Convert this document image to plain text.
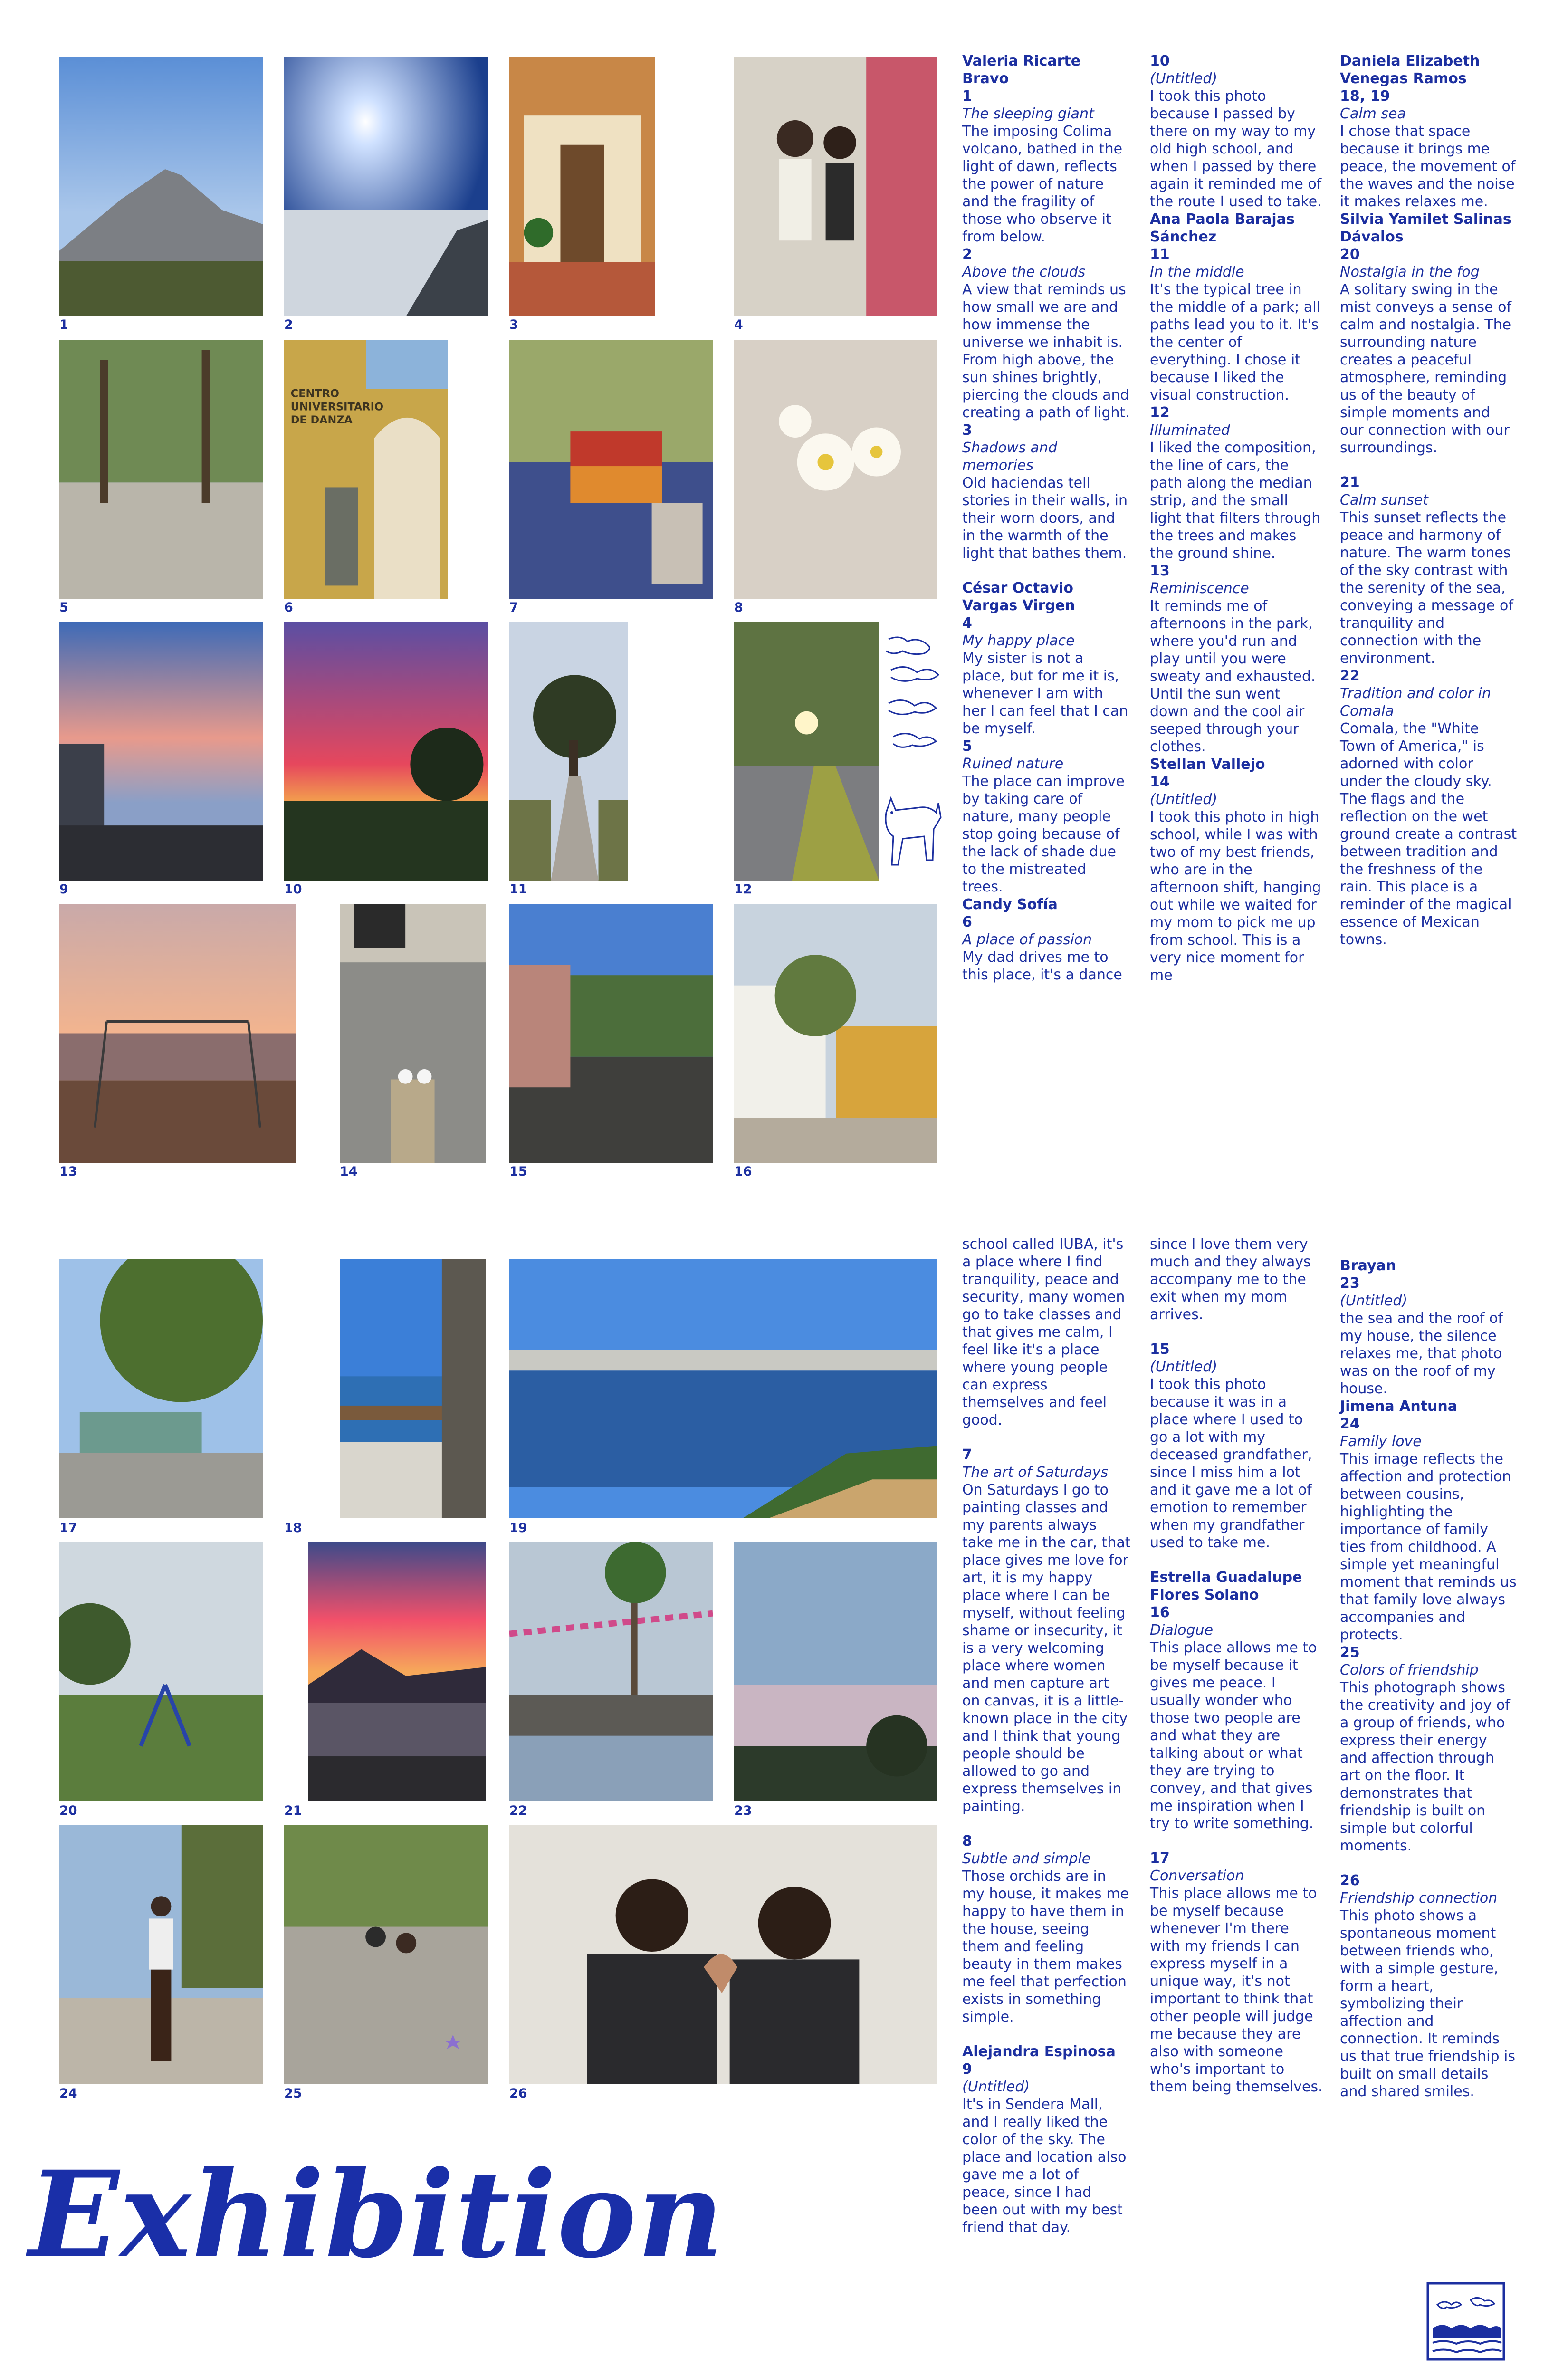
1	2	3	4
5
CENTRO
UNIVERSITARIO
DE DANZA
6	7	8
9	10	11	12
13	14	15	16
17	18	19
20	21	22	23
24	25	26

Valeria Ricarte Bravo

1

The sleeping giant

The imposing Colima volcano, bathed in the light of dawn, reflects the power of nature and the fragility of those who observe it from below.

2

Above the clouds

A view that reminds us how small we are and how immense the universe we inhabit is. From high above, the sun shines brightly, piercing the clouds and creating a path of light.

3

Shadows and memories

Old haciendas tell stories in their walls, in their worn doors, and in the warmth of the light that bathes them.

César Octavio Vargas Virgen

4

My happy place

My sister is not a place, but for me it is, whenever I am with her I can feel that I can be myself.

5

Ruined nature

The place can improve by taking care of nature, many people stop going because of the lack of shade due to the mistreated trees.

Candy Sofía

6

A place of passion

My dad drives me to this place, it's a dance

10

(Untitled)

I took this photo because I passed by there on my way to my old high school, and when I passed by there again it reminded me of the route I used to take.

Ana Paola Barajas Sánchez

11

In the middle

It's the typical tree in the middle of a park; all paths lead you to it. It's the center of everything. I chose it because I liked the visual construction.

12

Illuminated

I liked the composition, the line of cars, the path along the median strip, and the small light that filters through the trees and makes the ground shine.

13

Reminiscence

It reminds me of afternoons in the park, where you'd run and play until you were sweaty and exhausted. Until the sun went down and the cool air seeped through your clothes.

Stellan Vallejo

14

(Untitled)

I took this photo in high school, while I was with two of my best friends, who are in the afternoon shift, hanging out while we waited for my mom to pick me up from school. This is a very nice moment for me

Daniela Elizabeth Venegas Ramos

18, 19

Calm sea

I chose that space because it brings me peace, the movement of the waves and the noise it makes relaxes me.

Silvia Yamilet Salinas Dávalos

20

Nostalgia in the fog

A solitary swing in the mist conveys a sense of calm and nostalgia. The surrounding nature creates a peaceful atmosphere, reminding us of the beauty of simple moments and our connection with our surroundings.

21

Calm sunset

This sunset reflects the peace and harmony of nature. The warm tones of the sky contrast with the serenity of the sea, conveying a message of tranquility and connection with the environment.

22

Tradition and color in Comala

Comala, the "White Town of America," is adorned with color under the cloudy sky. The flags and the reflection on the wet ground create a contrast between tradition and the freshness of the rain. This place is a reminder of the magical essence of Mexican towns.

school called IUBA, it's a place where I find tranquility, peace and security, many women go to take classes and that gives me calm, I feel like it's a place where young people can express themselves and feel good.

7

The art of Saturdays

On Saturdays I go to painting classes and my parents always take me in the car, that place gives me love for art, it is my happy place where I can be myself, without feeling shame or insecurity, it is a very welcoming place where women and men capture art on canvas, it is a little-known place in the city and I think that young people should be allowed to go and express themselves in painting.

8

Subtle and simple

Those orchids are in my house, it makes me happy to have them in the house, seeing them and feeling beauty in them makes me feel that perfection exists in something simple.

Alejandra Espinosa

9

(Untitled)

It's in Sendera Mall, and I really liked the color of the sky. The place and location also gave me a lot of peace, since I had been out with my best friend that day.

since I love them very much and they always accompany me to the exit when my mom arrives.

15

(Untitled)

I took this photo because it was in a place where I used to go a lot with my deceased grandfather, since I miss him a lot and it gave me a lot of emotion to remember when my grandfather used to take me.

Estrella Guadalupe Flores Solano

16

Dialogue

This place allows me to be myself because it gives me peace. I usually wonder who those two people are and what they are talking about or what they are trying to convey, and that gives me inspiration when I try to write something.

17

Conversation

This place allows me to be myself because whenever I'm there with my friends I can express myself in a unique way, it's not important to think that other people will judge me because they are also with someone who's important to them being themselves.

Brayan

23

(Untitled)

the sea and the roof of my house, the silence relaxes me, that photo was on the roof of my house.

Jimena Antuna

24

Family love

This image reflects the affection and protection between cousins, highlighting the importance of family ties from childhood. A simple yet meaningful moment that reminds us that family love always accompanies and protects.

25

Colors of friendship

This photograph shows the creativity and joy of a group of friends, who express their energy and affection through art on the floor. It demonstrates that friendship is built on simple but colorful moments.

26

Friendship connection

This photo shows a spontaneous moment between friends who, with a simple gesture, form a heart, symbolizing their affection and connection. It reminds us that true friendship is built on small details and shared smiles.

Exhibition
